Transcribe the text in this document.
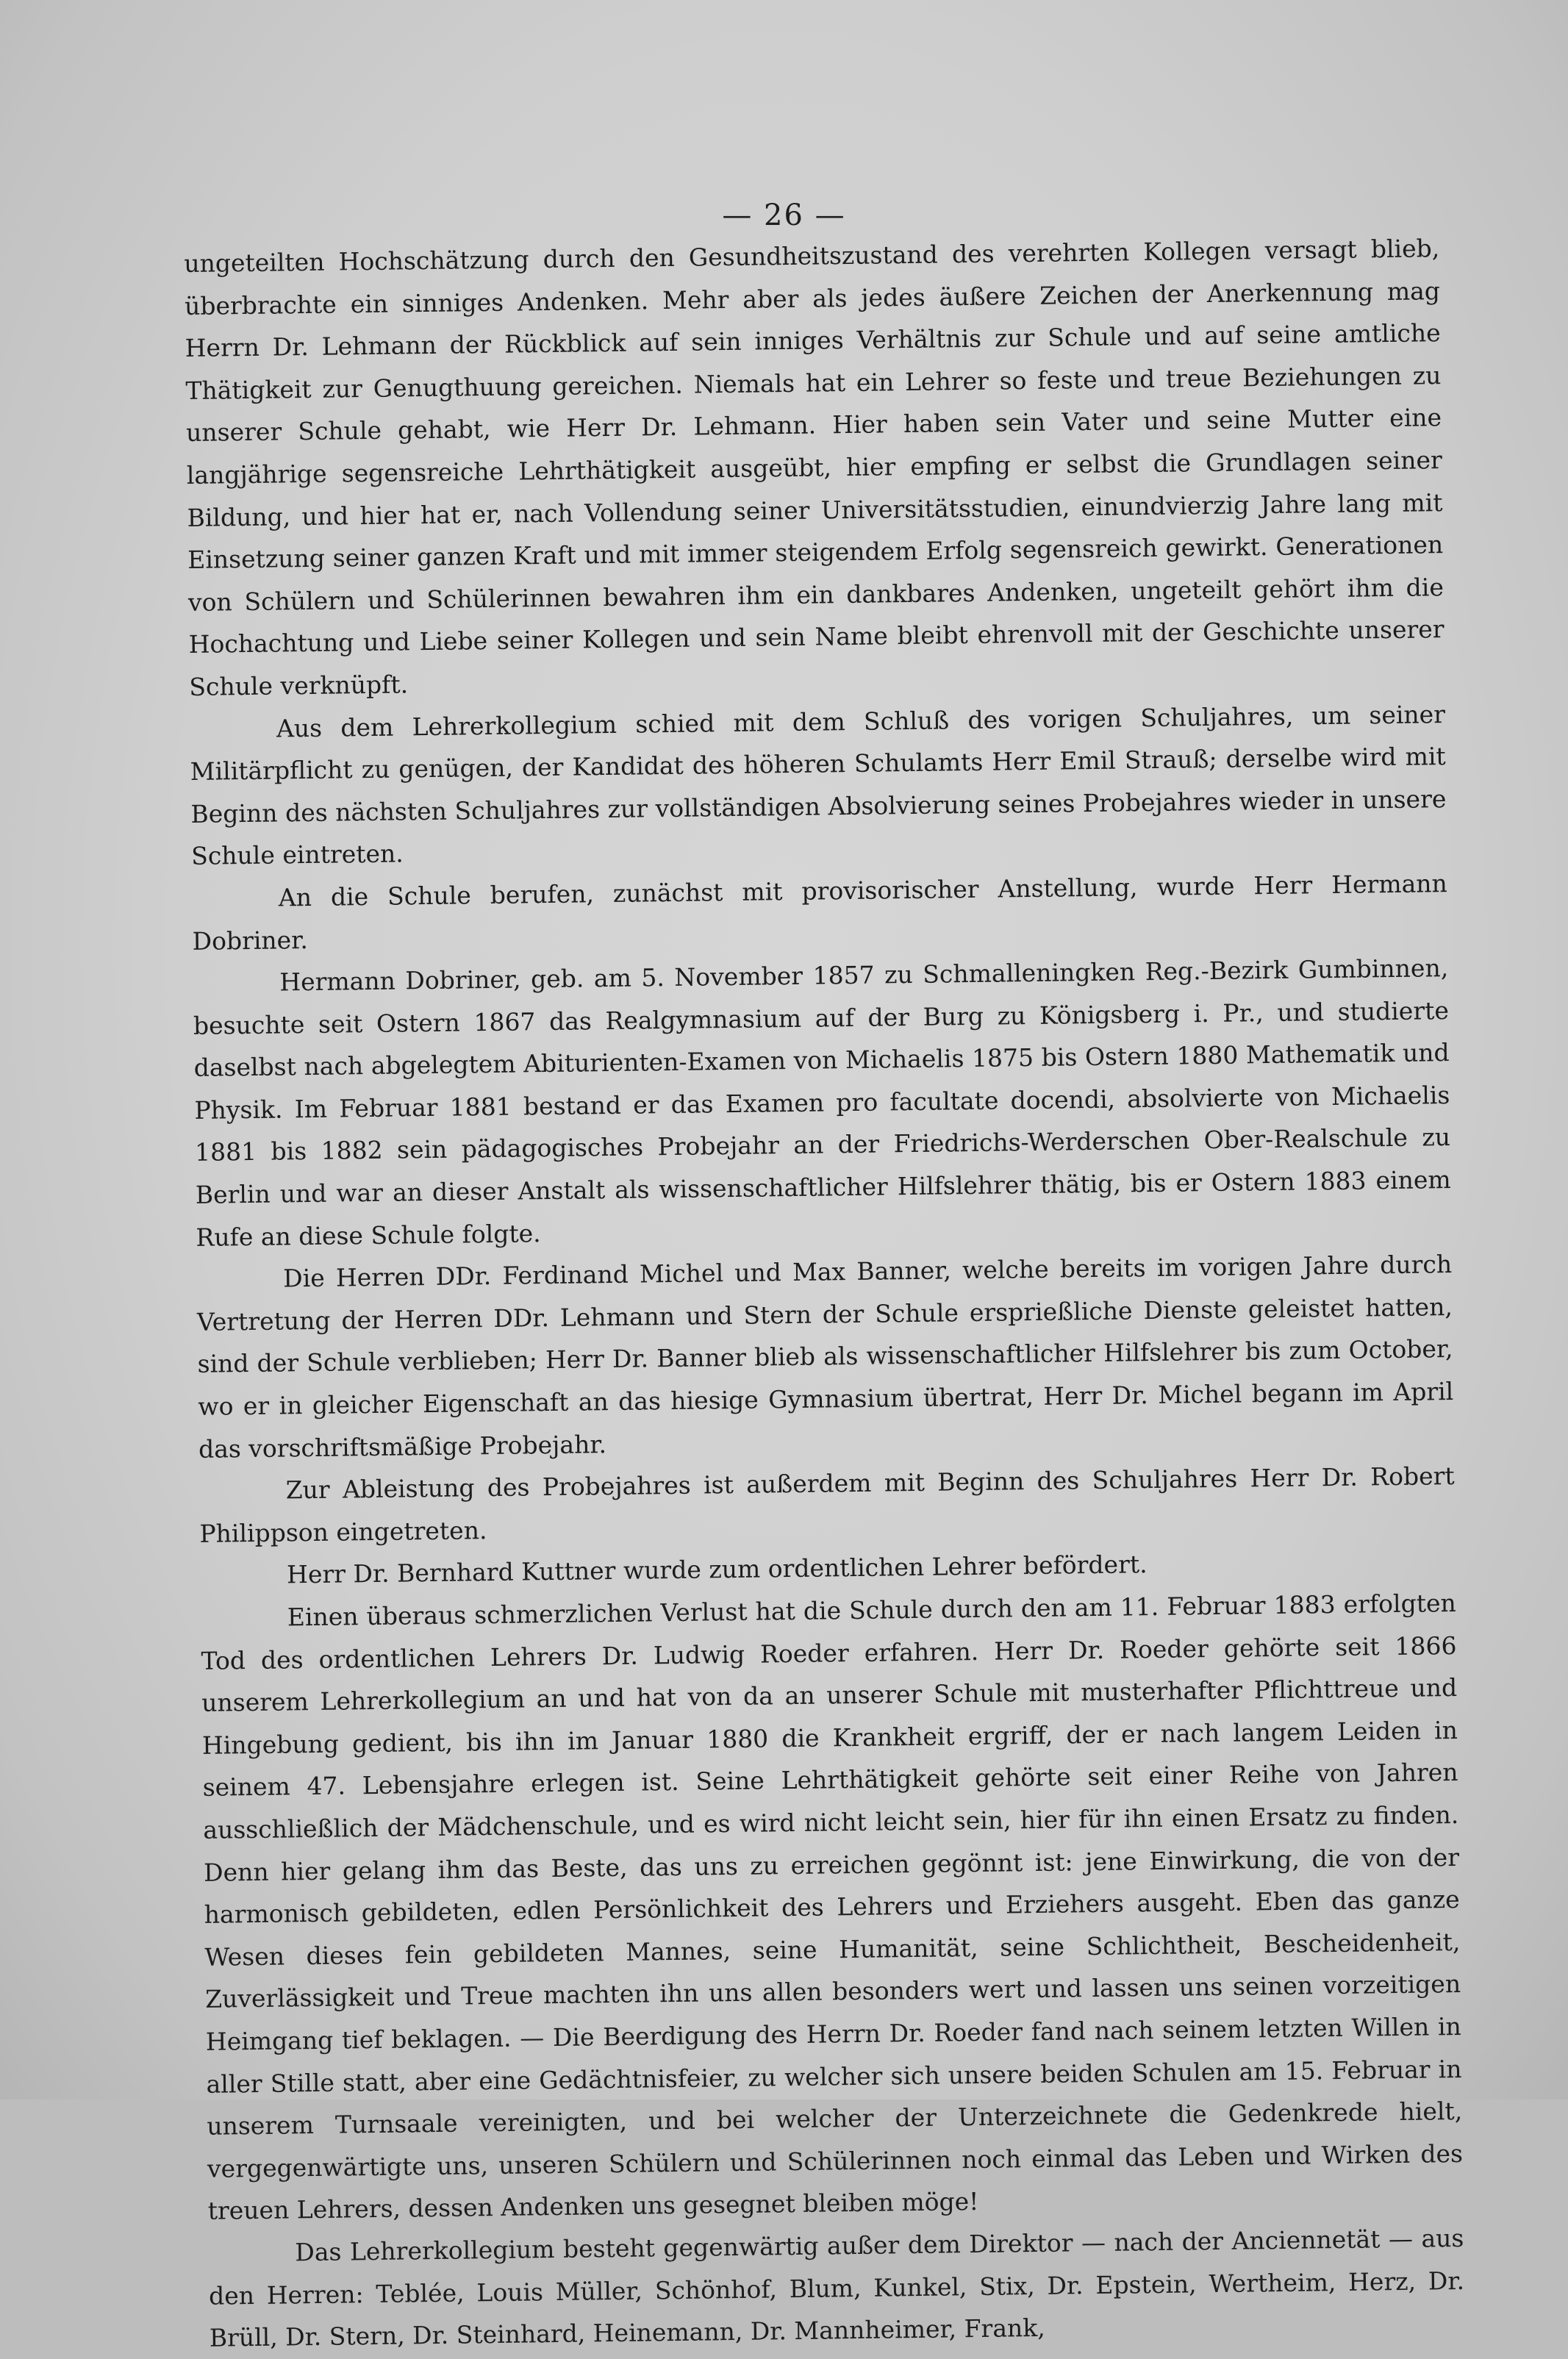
— 26 —

ungeteilten Hochschätzung durch den Gesundheitszustand des verehrten Kollegen versagt blieb, überbrachte ein sinniges Andenken. Mehr aber als jedes äußere Zeichen der Anerkennung mag Herrn Dr. Lehmann der Rückblick auf sein inniges Verhältnis zur Schule und auf seine amtliche Thätigkeit zur Genugthuung gereichen. Niemals hat ein Lehrer so feste und treue Beziehungen zu unserer Schule gehabt, wie Herr Dr. Lehmann. Hier haben sein Vater und seine Mutter eine langjährige segensreiche Lehrthätigkeit ausgeübt, hier empfing er selbst die Grundlagen seiner Bildung, und hier hat er, nach Vollendung seiner Universitätsstudien, einundvierzig Jahre lang mit Einsetzung seiner ganzen Kraft und mit immer steigendem Erfolg segensreich gewirkt. Generationen von Schülern und Schülerinnen bewahren ihm ein dankbares Andenken, ungeteilt gehört ihm die Hochachtung und Liebe seiner Kollegen und sein Name bleibt ehrenvoll mit der Geschichte unserer Schule verknüpft.

Aus dem Lehrerkollegium schied mit dem Schluß des vorigen Schuljahres, um seiner Militärpflicht zu genügen, der Kandidat des höheren Schulamts Herr Emil Strauß; derselbe wird mit Beginn des nächsten Schuljahres zur vollständigen Absolvierung seines Probejahres wieder in unsere Schule eintreten.

An die Schule berufen, zunächst mit provisorischer Anstellung, wurde Herr Hermann Dobriner.

Hermann Dobriner, geb. am 5. November 1857 zu Schmalleningken Reg.-Bezirk Gumbinnen, besuchte seit Ostern 1867 das Realgymnasium auf der Burg zu Königsberg i. Pr., und studierte daselbst nach abgelegtem Abiturienten-Examen von Michaelis 1875 bis Ostern 1880 Mathematik und Physik. Im Februar 1881 bestand er das Examen pro facultate docendi, absolvierte von Michaelis 1881 bis 1882 sein pädagogisches Probejahr an der Friedrichs-Werderschen Ober-Realschule zu Berlin und war an dieser Anstalt als wissenschaftlicher Hilfslehrer thätig, bis er Ostern 1883 einem Rufe an diese Schule folgte.

Die Herren DDr. Ferdinand Michel und Max Banner, welche bereits im vorigen Jahre durch Vertretung der Herren DDr. Lehmann und Stern der Schule ersprießliche Dienste geleistet hatten, sind der Schule verblieben; Herr Dr. Banner blieb als wissenschaftlicher Hilfslehrer bis zum October, wo er in gleicher Eigenschaft an das hiesige Gymnasium übertrat, Herr Dr. Michel begann im April das vorschriftsmäßige Probejahr.

Zur Ableistung des Probejahres ist außerdem mit Beginn des Schuljahres Herr Dr. Robert Philippson eingetreten.

Herr Dr. Bernhard Kuttner wurde zum ordentlichen Lehrer befördert.

Einen überaus schmerzlichen Verlust hat die Schule durch den am 11. Februar 1883 erfolgten Tod des ordentlichen Lehrers Dr. Ludwig Roeder erfahren. Herr Dr. Roeder gehörte seit 1866 unserem Lehrerkollegium an und hat von da an unserer Schule mit musterhafter Pflichttreue und Hingebung gedient, bis ihn im Januar 1880 die Krankheit ergriff, der er nach langem Leiden in seinem 47. Lebensjahre erlegen ist. Seine Lehrthätigkeit gehörte seit einer Reihe von Jahren ausschließlich der Mädchenschule, und es wird nicht leicht sein, hier für ihn einen Ersatz zu finden. Denn hier gelang ihm das Beste, das uns zu erreichen gegönnt ist: jene Einwirkung, die von der harmonisch gebildeten, edlen Persönlichkeit des Lehrers und Erziehers ausgeht. Eben das ganze Wesen dieses fein gebildeten Mannes, seine Humanität, seine Schlichtheit, Bescheidenheit, Zuverlässigkeit und Treue machten ihn uns allen besonders wert und lassen uns seinen vorzeitigen Heimgang tief beklagen. — Die Beerdigung des Herrn Dr. Roeder fand nach seinem letzten Willen in aller Stille statt, aber eine Gedächtnisfeier, zu welcher sich unsere beiden Schulen am 15. Februar in unserem Turnsaale vereinigten, und bei welcher der Unterzeichnete die Gedenkrede hielt, vergegenwärtigte uns, unseren Schülern und Schülerinnen noch einmal das Leben und Wirken des treuen Lehrers, dessen Andenken uns gesegnet bleiben möge!

Das Lehrerkollegium besteht gegenwärtig außer dem Direktor — nach der Anciennetät — aus den Herren: Teblée, Louis Müller, Schönhof, Blum, Kunkel, Stix, Dr. Epstein, Wertheim, Herz, Dr. Brüll, Dr. Stern, Dr. Steinhard, Heinemann, Dr. Mannheimer, Frank,
